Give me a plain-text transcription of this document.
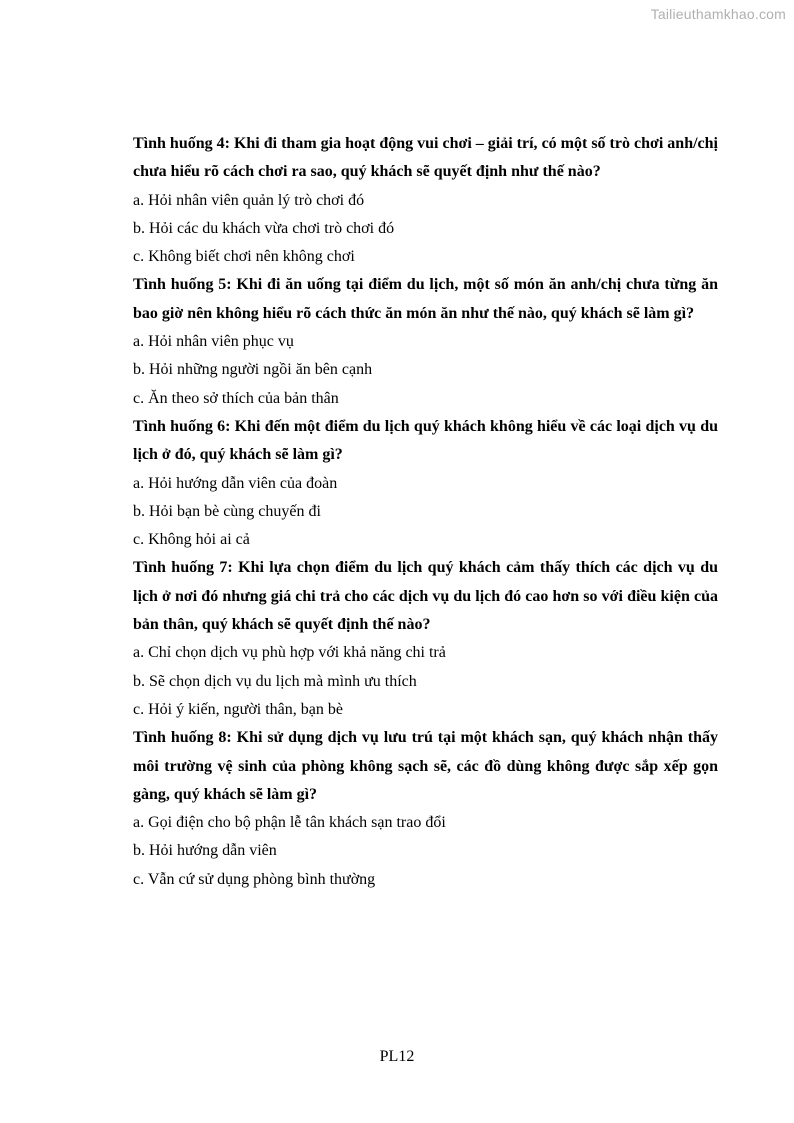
Tailieuthamkhao.com

Tình huống 4: Khi đi tham gia hoạt động vui chơi – giải trí, có một số trò chơi anh/chị chưa hiểu rõ cách chơi ra sao, quý khách sẽ quyết định như thế nào?

a. Hỏi nhân viên quản lý trò chơi đó

b. Hỏi các du khách vừa chơi trò chơi đó

c. Không biết chơi nên không chơi

Tình huống 5: Khi đi ăn uống tại điểm du lịch, một số món ăn anh/chị chưa từng ăn bao giờ nên không hiểu rõ cách thức ăn món ăn như thế nào, quý khách sẽ làm gì?

a. Hỏi nhân viên phục vụ

b. Hỏi những người ngồi ăn bên cạnh

c. Ăn theo sở thích của bản thân

Tình huống 6: Khi đến một điểm du lịch quý khách không hiểu về các loại dịch vụ du lịch ở đó, quý khách sẽ làm gì?

a. Hỏi hướng dẫn viên của đoàn

b. Hỏi bạn bè cùng chuyến đi

c. Không hỏi ai cả

Tình huống 7: Khi lựa chọn điểm du lịch quý khách cảm thấy thích các dịch vụ du lịch ở nơi đó nhưng giá chi trả cho các dịch vụ du lịch đó cao hơn so với điều kiện của bản thân, quý khách sẽ quyết định thế nào?

a. Chỉ chọn dịch vụ phù hợp với khả năng chi trả

b. Sẽ chọn dịch vụ du lịch mà mình ưu thích

c. Hỏi ý kiến, người thân, bạn bè

Tình huống 8: Khi sử dụng dịch vụ lưu trú tại một khách sạn, quý khách nhận thấy môi trường vệ sinh của phòng không sạch sẽ, các đồ dùng không được sắp xếp gọn gàng, quý khách sẽ làm gì?

a. Gọi điện cho bộ phận lễ tân khách sạn trao đổi

b. Hỏi hướng dẫn viên

c. Vẫn cứ sử dụng phòng bình thường

PL12
